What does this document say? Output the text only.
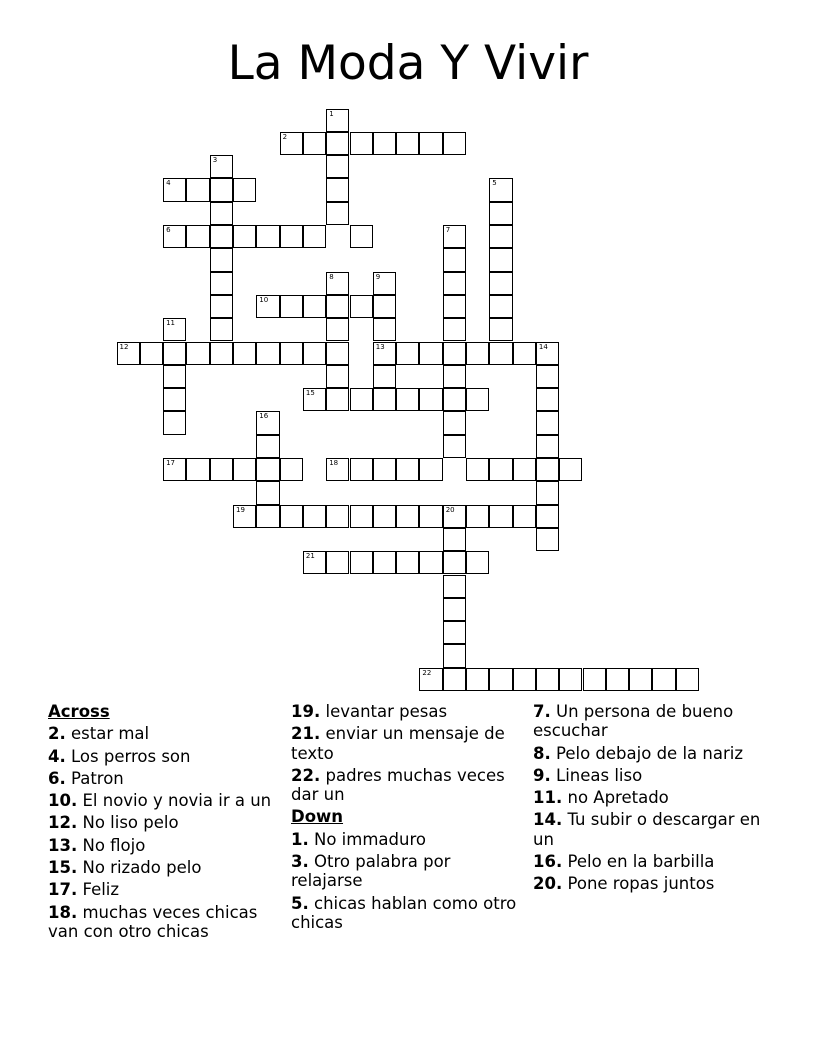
La Moda Y Vivir
1
2
3
4	5
6	7
8	9
10
11
12	13	14
15
16
17	18
19	20
21
22
Across
2. estar mal
4. Los perros son
6. Patron
10. El novio y novia ir a un
12. No liso pelo
13. No flojo
15. No rizado pelo
17. Feliz
18. muchas veces chicas van con otro chicas
19. levantar pesas
21. enviar un mensaje de texto
22. padres muchas veces dar un
Down
1. No immaduro
3. Otro palabra por relajarse
5. chicas hablan como otro chicas
7. Un persona de bueno escuchar
8. Pelo debajo de la nariz
9. Lineas liso
11. no Apretado
14. Tu subir o descargar en un
16. Pelo en la barbilla
20. Pone ropas juntos
